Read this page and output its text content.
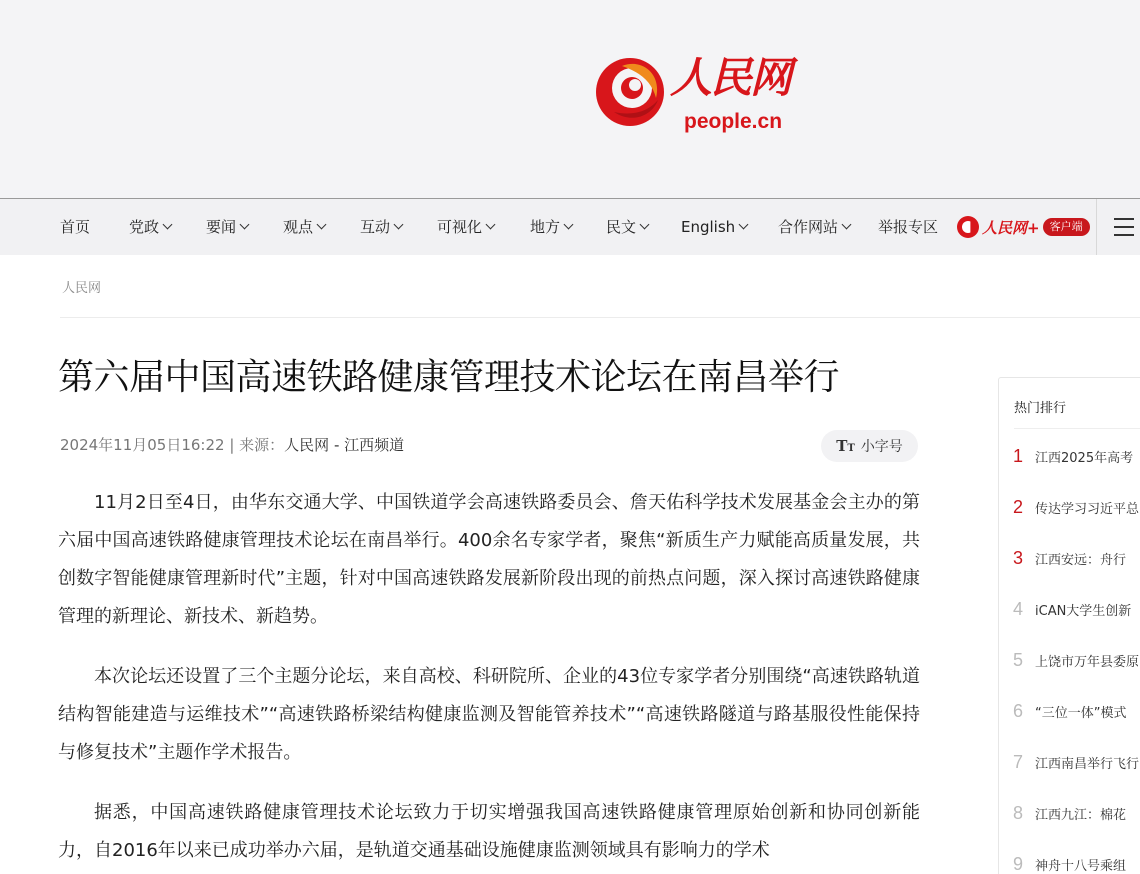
人民网
people.cn
首页	党政	要闻	观点	互动	可视化	地方	民文	English	合作网站	举报专区	人民网+ 客户端
人民网
第六届中国高速铁路健康管理技术论坛在南昌举行
2024年11月05日16:22 | 来源：人民网 - 江西频道	TT 小字号

11月2日至4日，由华东交通大学、中国铁道学会高速铁路委员会、詹天佑科学技术发展基金会主办的第六届中国高速铁路健康管理技术论坛在南昌举行。400余名专家学者，聚焦“新质生产力赋能高质量发展，共创数字智能健康管理新时代”主题，针对中国高速铁路发展新阶段出现的前热点问题，深入探讨高速铁路健康管理的新理论、新技术、新趋势。

本次论坛还设置了三个主题分论坛，来自高校、科研院所、企业的43位专家学者分别围绕“高速铁路轨道结构智能建造与运维技术”“高速铁路桥梁结构健康监测及智能管养技术”“高速铁路隧道与路基服役性能保持与修复技术”主题作学术报告。

据悉，中国高速铁路健康管理技术论坛致力于切实增强我国高速铁路健康管理原始创新和协同创新能力，自2016年以来已成功举办六届，是轨道交通基础设施健康监测领域具有影响力的学术

热门排行
1 江西2025年高考
2 传达学习习近平总
3 江西安远：舟行
4 iCAN大学生创新
5 上饶市万年县委原
6 “三位一体”模式
7 江西南昌举行飞行
8 江西九江：棉花
9 神舟十八号乘组
